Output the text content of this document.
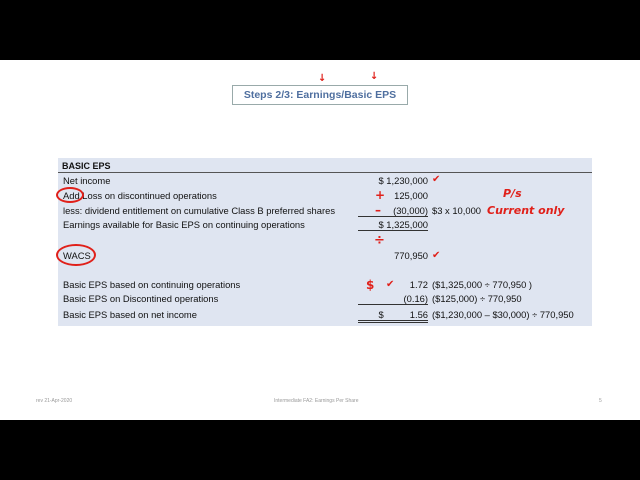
Steps 2/3: Earnings/Basic EPS
↓	↓
BASIC EPS
Net income	$ 1,230,000
Add Loss on discontinued operations	125,000
less: dividend entitlement on cumulative Class B preferred shares	(30,000) $3 x 10,000
Earnings available for Basic EPS on continuing operations	$ 1,325,000
WACS	770,950
Basic EPS based on continuing operations	1.72 ($1,325,000 ÷ 770,950 )
Basic EPS on Discontined operations	(0.16) ($125,000) ÷ 770,950
Basic EPS based on net income	$          1.56 ($1,230,000 – $30,000) ÷ 770,950
✔
+
–
P/s
Current only
÷
✔
$ ✔
rev 21-Apr-2020	Intermediate FA2: Earnings Per Share	5
